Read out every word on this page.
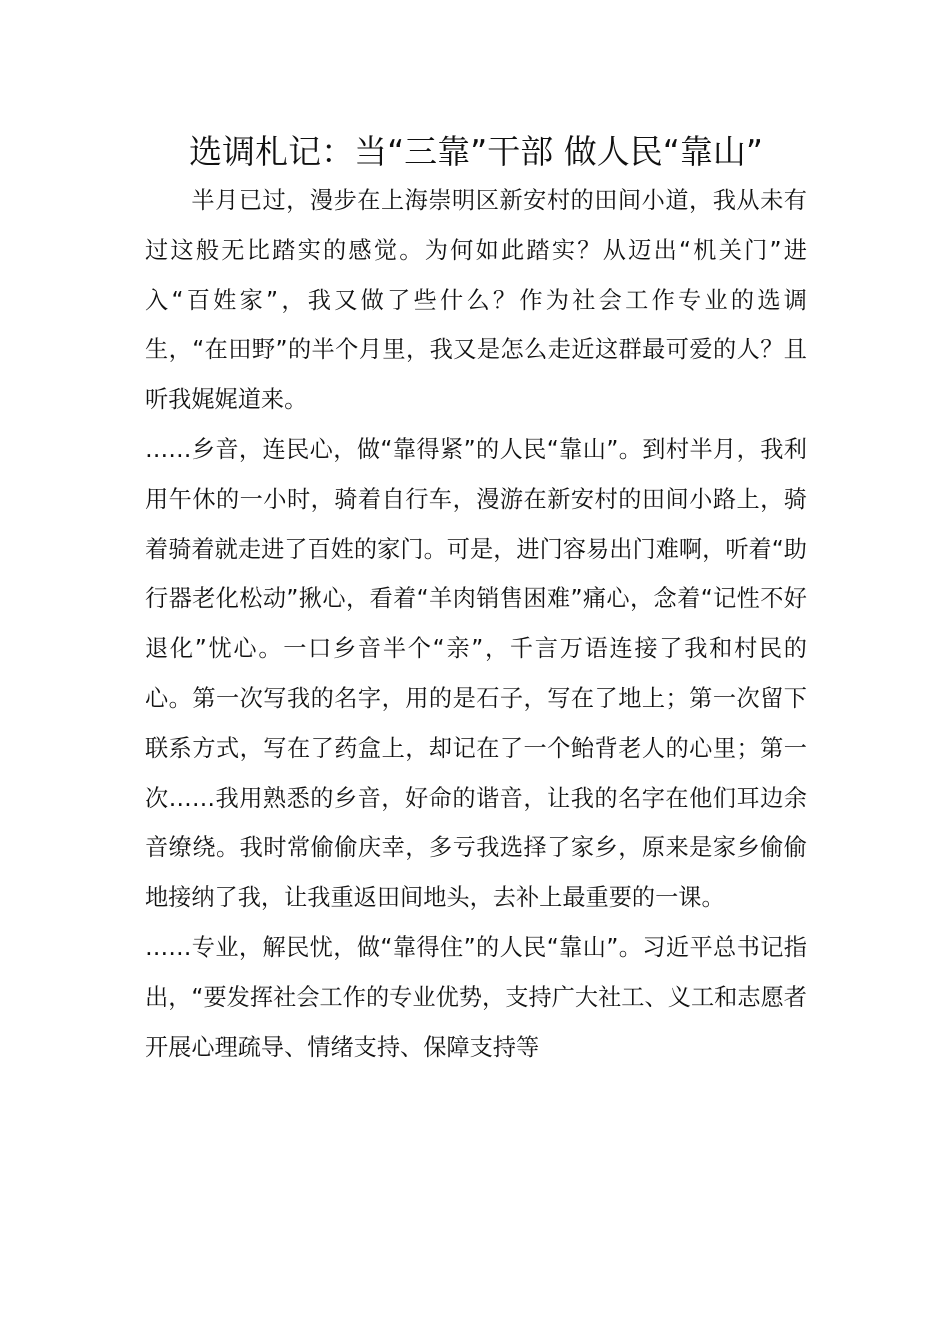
选调札记：当“三靠”干部 做人民“靠山”

半月已过，漫步在上海崇明区新安村的田间小道，我从未有过这般无比踏实的感觉。为何如此踏实？从迈出“机关门”进入“百姓家”，我又做了些什么？作为社会工作专业的选调生，“在田野”的半个月里，我又是怎么走近这群最可爱的人？且听我娓娓道来。

……乡音，连民心，做“靠得紧”的人民“靠山”。到村半月，我利用午休的一小时，骑着自行车，漫游在新安村的田间小路上，骑着骑着就走进了百姓的家门。可是，进门容易出门难啊，听着“助行器老化松动”揪心，看着“羊肉销售困难”痛心，念着“记性不好退化”忧心。一口乡音半个“亲”，千言万语连接了我和村民的心。第一次写我的名字，用的是石子，写在了地上；第一次留下联系方式，写在了药盒上，却记在了一个鲐背老人的心里；第一次……我用熟悉的乡音，好命的谐音，让我的名字在他们耳边余音缭绕。我时常偷偷庆幸，多亏我选择了家乡，原来是家乡偷偷地接纳了我，让我重返田间地头，去补上最重要的一课。

……专业，解民忧，做“靠得住”的人民“靠山”。习近平总书记指出，“要发挥社会工作的专业优势，支持广大社工、义工和志愿者开展心理疏导、情绪支持、保障支持等
